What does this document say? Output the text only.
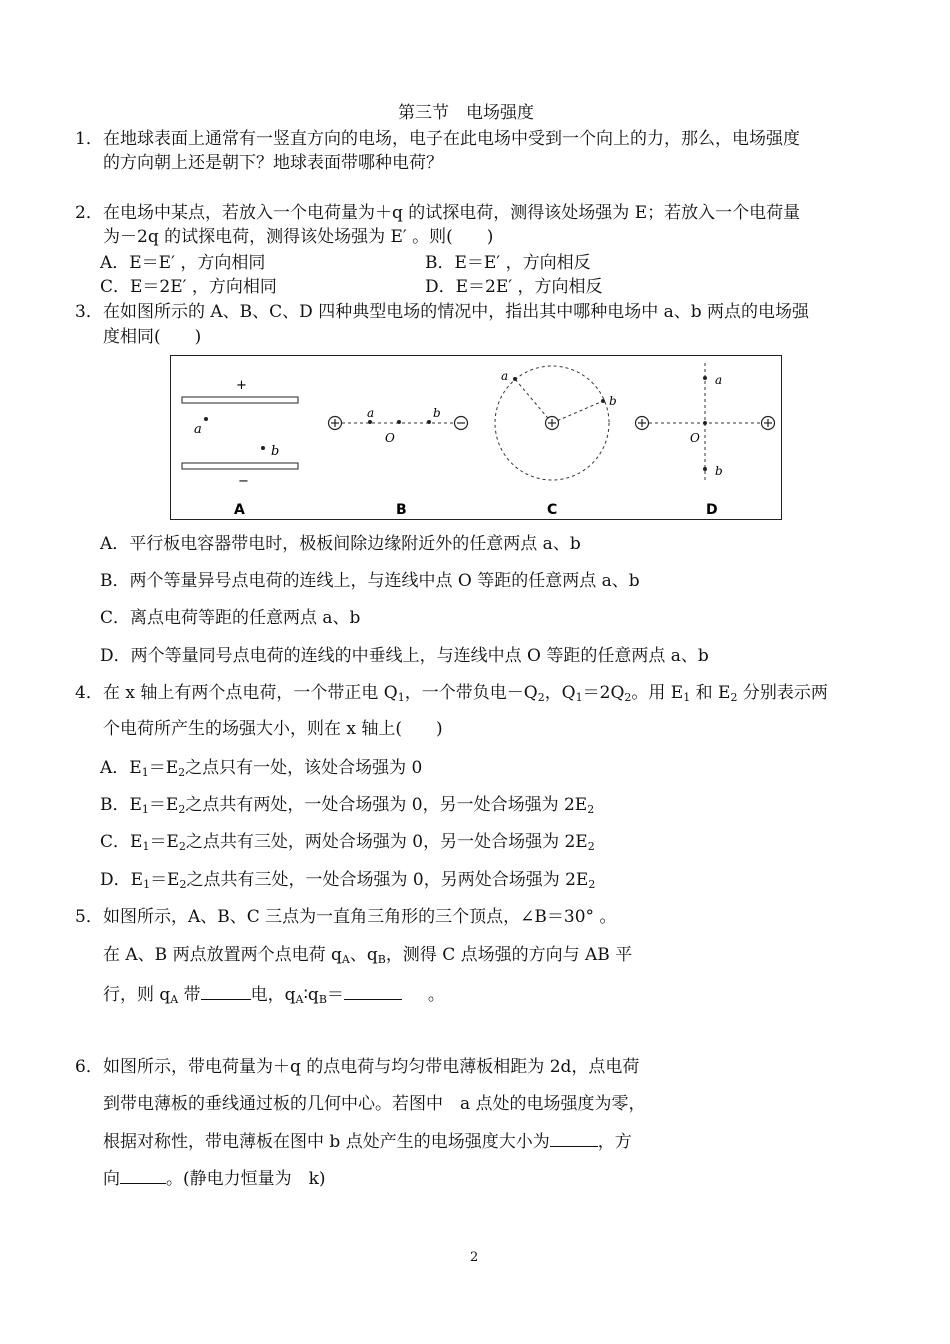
第三节　电场强度
1． 在地球表面上通常有一竖直方向的电场，电子在此电场中受到一个向上的力，那么，电场强度
的方向朝上还是朝下？地球表面带哪种电荷？
2． 在电场中某点，若放入一个电荷量为＋q 的试探电荷，测得该处场强为 E；若放入一个电荷量
为－2q 的试探电荷，测得该处场强为 E′ 。则(　　)
A．E＝E′ ，方向相同	B．E＝E′ ，方向相反
C．E＝2E′ ，方向相同	D．E＝2E′ ，方向相反
3． 在如图所示的 A、B、C、D 四种典型电场的情况中，指出其中哪种电场中 a、b 两点的电场强
度相同(　　)
+
a
b
−
A
a
O
b
B
a
b
C
a
O
b
D
A．平行板电容器带电时，极板间除边缘附近外的任意两点 a、b
B．两个等量异号点电荷的连线上，与连线中点 O 等距的任意两点 a、b
C．离点电荷等距的任意两点 a、b
D．两个等量同号点电荷的连线的中垂线上，与连线中点 O 等距的任意两点 a、b
4． 在 x 轴上有两个点电荷，一个带正电 $Q_1$，一个带负电$-Q_2$，$Q_1=2Q_2$。用 $E_1$ 和 $E_2$ 分别表示两
个电荷所产生的场强大小，则在 x 轴上(　　)
A．$E_1=E_2$之点只有一处，该处合场强为 0
B．$E_1=E_2$之点共有两处，一处合场强为 0，另一处合场强为 $2E_2$
C．$E_1=E_2$之点共有三处，两处合场强为 0，另一处合场强为 $2E_2$
D．$E_1=E_2$之点共有三处，一处合场强为 0，另两处合场强为 $2E_2$
5． 如图所示，A、B、C 三点为一直角三角形的三个顶点，∠B＝30° 。
在 A、B 两点放置两个点电荷 $q_A$、$q_B$，测得 C 点场强的方向与 AB 平
行，则 $q_A$ 带	电，$q_A∶q_B=$	。
6． 如图所示，带电荷量为＋q 的点电荷与均匀带电薄板相距为 2d，点电荷
到带电薄板的垂线通过板的几何中心。若图中　a 点处的电场强度为零，
根据对称性，带电薄板在图中 b 点处产生的电场强度大小为	，方
向	。(静电力恒量为　k)
2
